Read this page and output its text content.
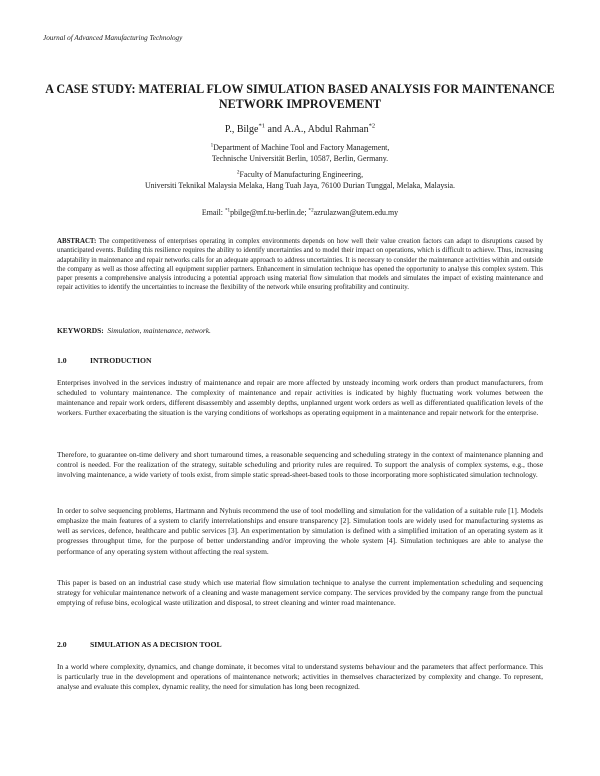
Journal of Advanced Manufacturing Technology
A CASE STUDY: MATERIAL FLOW SIMULATION BASED ANALYSIS FOR MAINTENANCE NETWORK IMPROVEMENT
P., Bilge$^{*1}$ and A.A., Abdul Rahman$^{*2}$
$^1$Department of Machine Tool and Factory Management,
Technische Universität Berlin, 10587, Berlin, Germany.
$^2$Faculty of Manufacturing Engineering,
Universiti Teknikal Malaysia Melaka, Hang Tuah Jaya, 76100 Durian Tunggal, Melaka, Malaysia.
Email: $^{*1}$pbilge@mf.tu-berlin.de; $^{*2}$azrulazwan@utem.edu.my
ABSTRACT: The competitiveness of enterprises operating in complex environments depends on how well their value creation factors can adapt to disruptions caused by unanticipated events. Building this resilience requires the ability to identify uncertainties and to model their impact on operations, which is difficult to achieve. Thus, increasing adaptability in maintenance and repair networks calls for an adequate approach to address uncertainties. It is necessary to consider the maintenance activities within and outside the company as well as those affecting all equipment supplier partners. Enhancement in simulation technique has opened the opportunity to analyse this complex system. This paper presents a comprehensive analysis introducing a potential approach using material flow simulation that models and simulates the impact of existing maintenance and repair activities to identify the uncertainties to increase the flexibility of the network while ensuring profitability and continuity.
KEYWORDS: Simulation, maintenance, network.
1.0	INTRODUCTION
Enterprises involved in the services industry of maintenance and repair are more affected by unsteady incoming work orders than product manufacturers, from scheduled to voluntary maintenance. The complexity of maintenance and repair activities is indicated by highly fluctuating work volumes between the maintenance and repair work orders, different disassembly and assembly depths, unplanned urgent work orders as well as differentiated qualification levels of the workers. Further exacerbating the situation is the varying conditions of workshops as operating equipment in a maintenance and repair network for the enterprise.
Therefore, to guarantee on-time delivery and short turnaround times, a reasonable sequencing and scheduling strategy in the context of maintenance planning and control is needed. For the realization of the strategy, suitable scheduling and priority rules are required. To support the analysis of complex systems, e.g., those involving maintenance, a wide variety of tools exist, from simple static spread-sheet-based tools to those incorporating more sophisticated simulation technology.
In order to solve sequencing problems, Hartmann and Nyhuis recommend the use of tool modelling and simulation for the validation of a suitable rule [1]. Models emphasize the main features of a system to clarify interrelationships and ensure transparency [2]. Simulation tools are widely used for manufacturing systems as well as services, defence, healthcare and public services [3]. An experimentation by simulation is defined with a simplified imitation of an operating system as it progresses throughput time, for the purpose of better understanding and/or improving the whole system [4]. Simulation techniques are able to analyse the performance of any operating system without affecting the real system.
This paper is based on an industrial case study which use material flow simulation technique to analyse the current implementation scheduling and sequencing strategy for vehicular maintenance network of a cleaning and waste management service company. The services provided by the company range from the punctual emptying of refuse bins, ecological waste utilization and disposal, to street cleaning and winter road maintenance.
2.0	SIMULATION AS A DECISION TOOL
In a world where complexity, dynamics, and change dominate, it becomes vital to understand systems behaviour and the parameters that affect performance. This is particularly true in the development and operations of maintenance network; activities in themselves characterized by complexity and change. To represent, analyse and evaluate this complex, dynamic reality, the need for simulation has long been recognized.
